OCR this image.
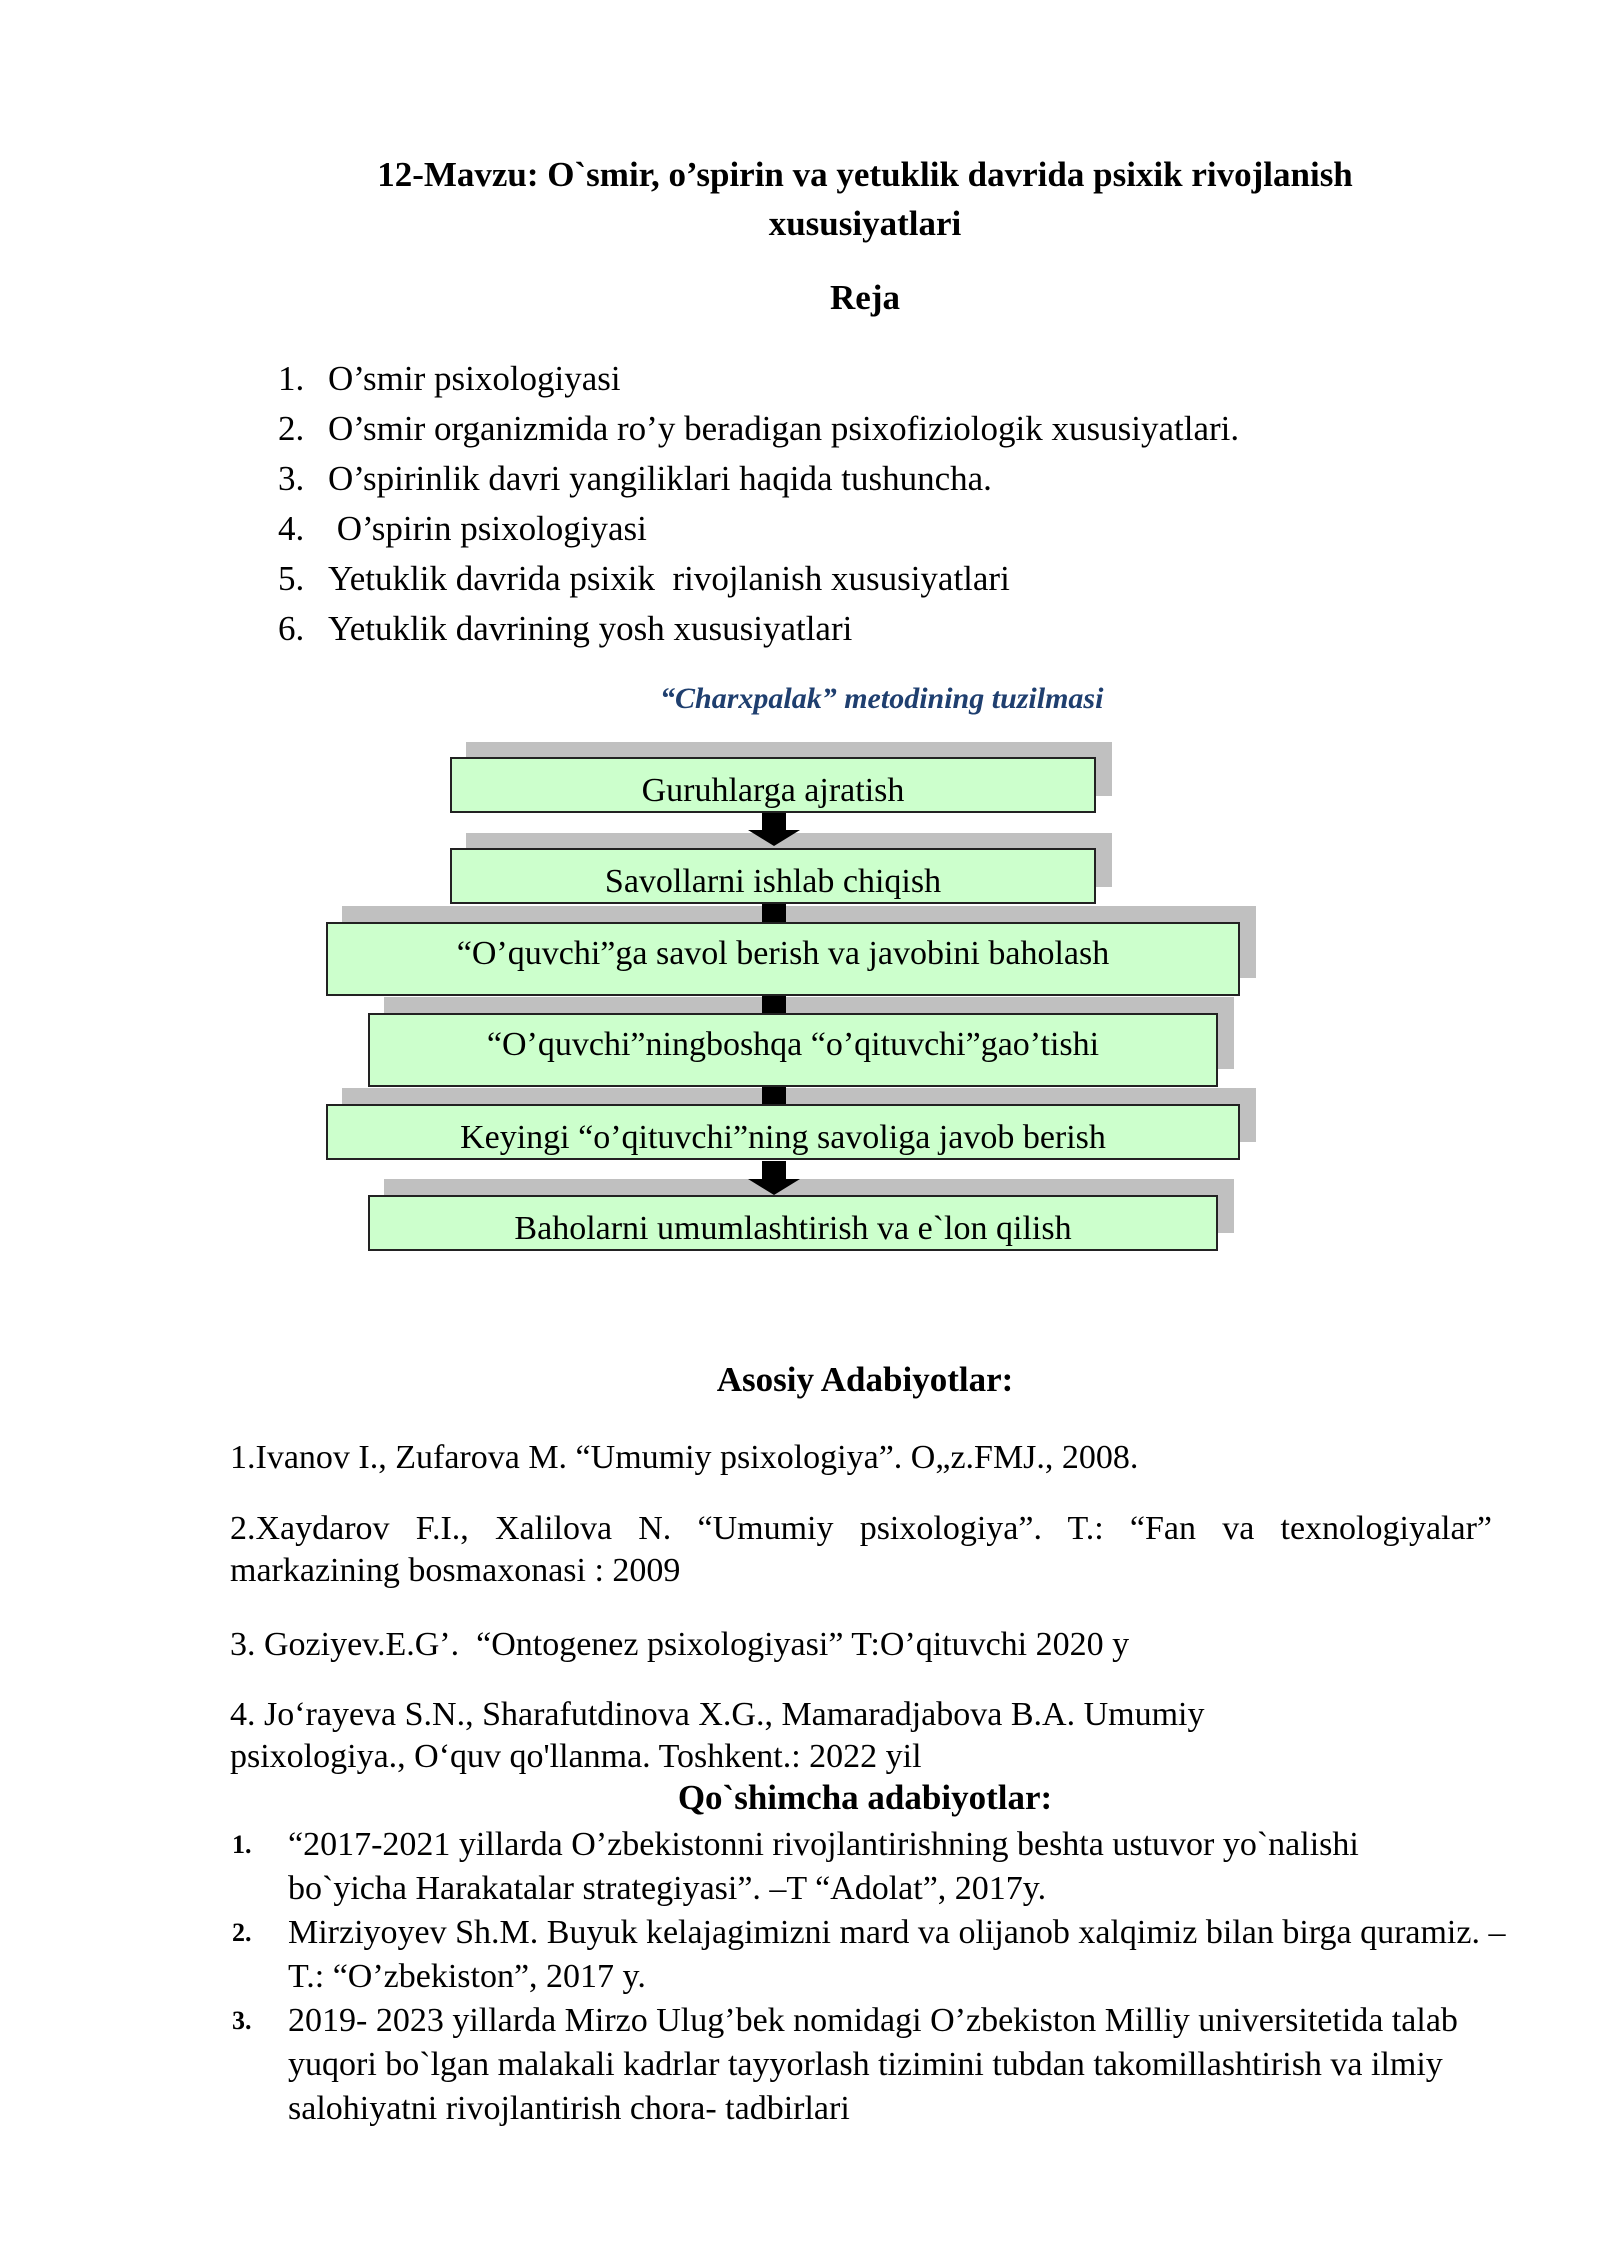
12-Mavzu: O`smir, o’spirin va yetuklik davrida psixik rivojlanish
xususiyatlari
Reja
1. O’smir psixologiyasi
2. O’smir organizmida ro’y beradigan psixofiziologik xususiyatlari.
3. O’spirinlik davri yangiliklari haqida tushuncha.
4. O’spirin psixologiyasi
5. Yetuklik davrida psixik  rivojlanish xususiyatlari
6. Yetuklik davrining yosh xususiyatlari
“Charxpalak” metodining tuzilmasi
Guruhlarga ajratish
Savollarni ishlab chiqish
“O’quvchi”ga savol berish va javobini baholash
“O’quvchi”ningboshqa “o’qituvchi”gao’tishi
Keyingi “o’qituvchi”ning savoliga javob berish
Baholarni umumlashtirish va e`lon qilish
Asosiy Adabiyotlar:
1.Ivanov I., Zufarova M. “Umumiy psixologiya”. O„z.FMJ., 2008.
2.Xaydarov F.I., Xalilova N. “Umumiy psixologiya”. T.: “Fan va texnologiyalar” markazining bosmaxonasi : 2009
3. Goziyev.E.G’.  “Ontogenez psixologiyasi” T:O’qituvchi 2020 y
4. Jo‘rayeva S.N., Sharafutdinova X.G., Mamaradjabova B.A. Umumiy psixologiya., O‘quv qo'llanma. Toshkent.: 2022 yil
Qo`shimcha adabiyotlar:
1. “2017-2021 yillarda O’zbekistonni rivojlantirishning beshta ustuvor yo`nalishi bo`yicha Harakatalar strategiyasi”. –T “Adolat”, 2017y.
2. Mirziyoyev Sh.M. Buyuk kelajagimizni mard va olijanob xalqimiz bilan birga quramiz. – T.: “O’zbekiston”, 2017 y.
3. 2019- 2023 yillarda Mirzo Ulug’bek nomidagi O’zbekiston Milliy universitetida talab yuqori bo`lgan malakali kadrlar tayyorlash tizimini tubdan takomillashtirish va ilmiy salohiyatni rivojlantirish chora- tadbirlari
